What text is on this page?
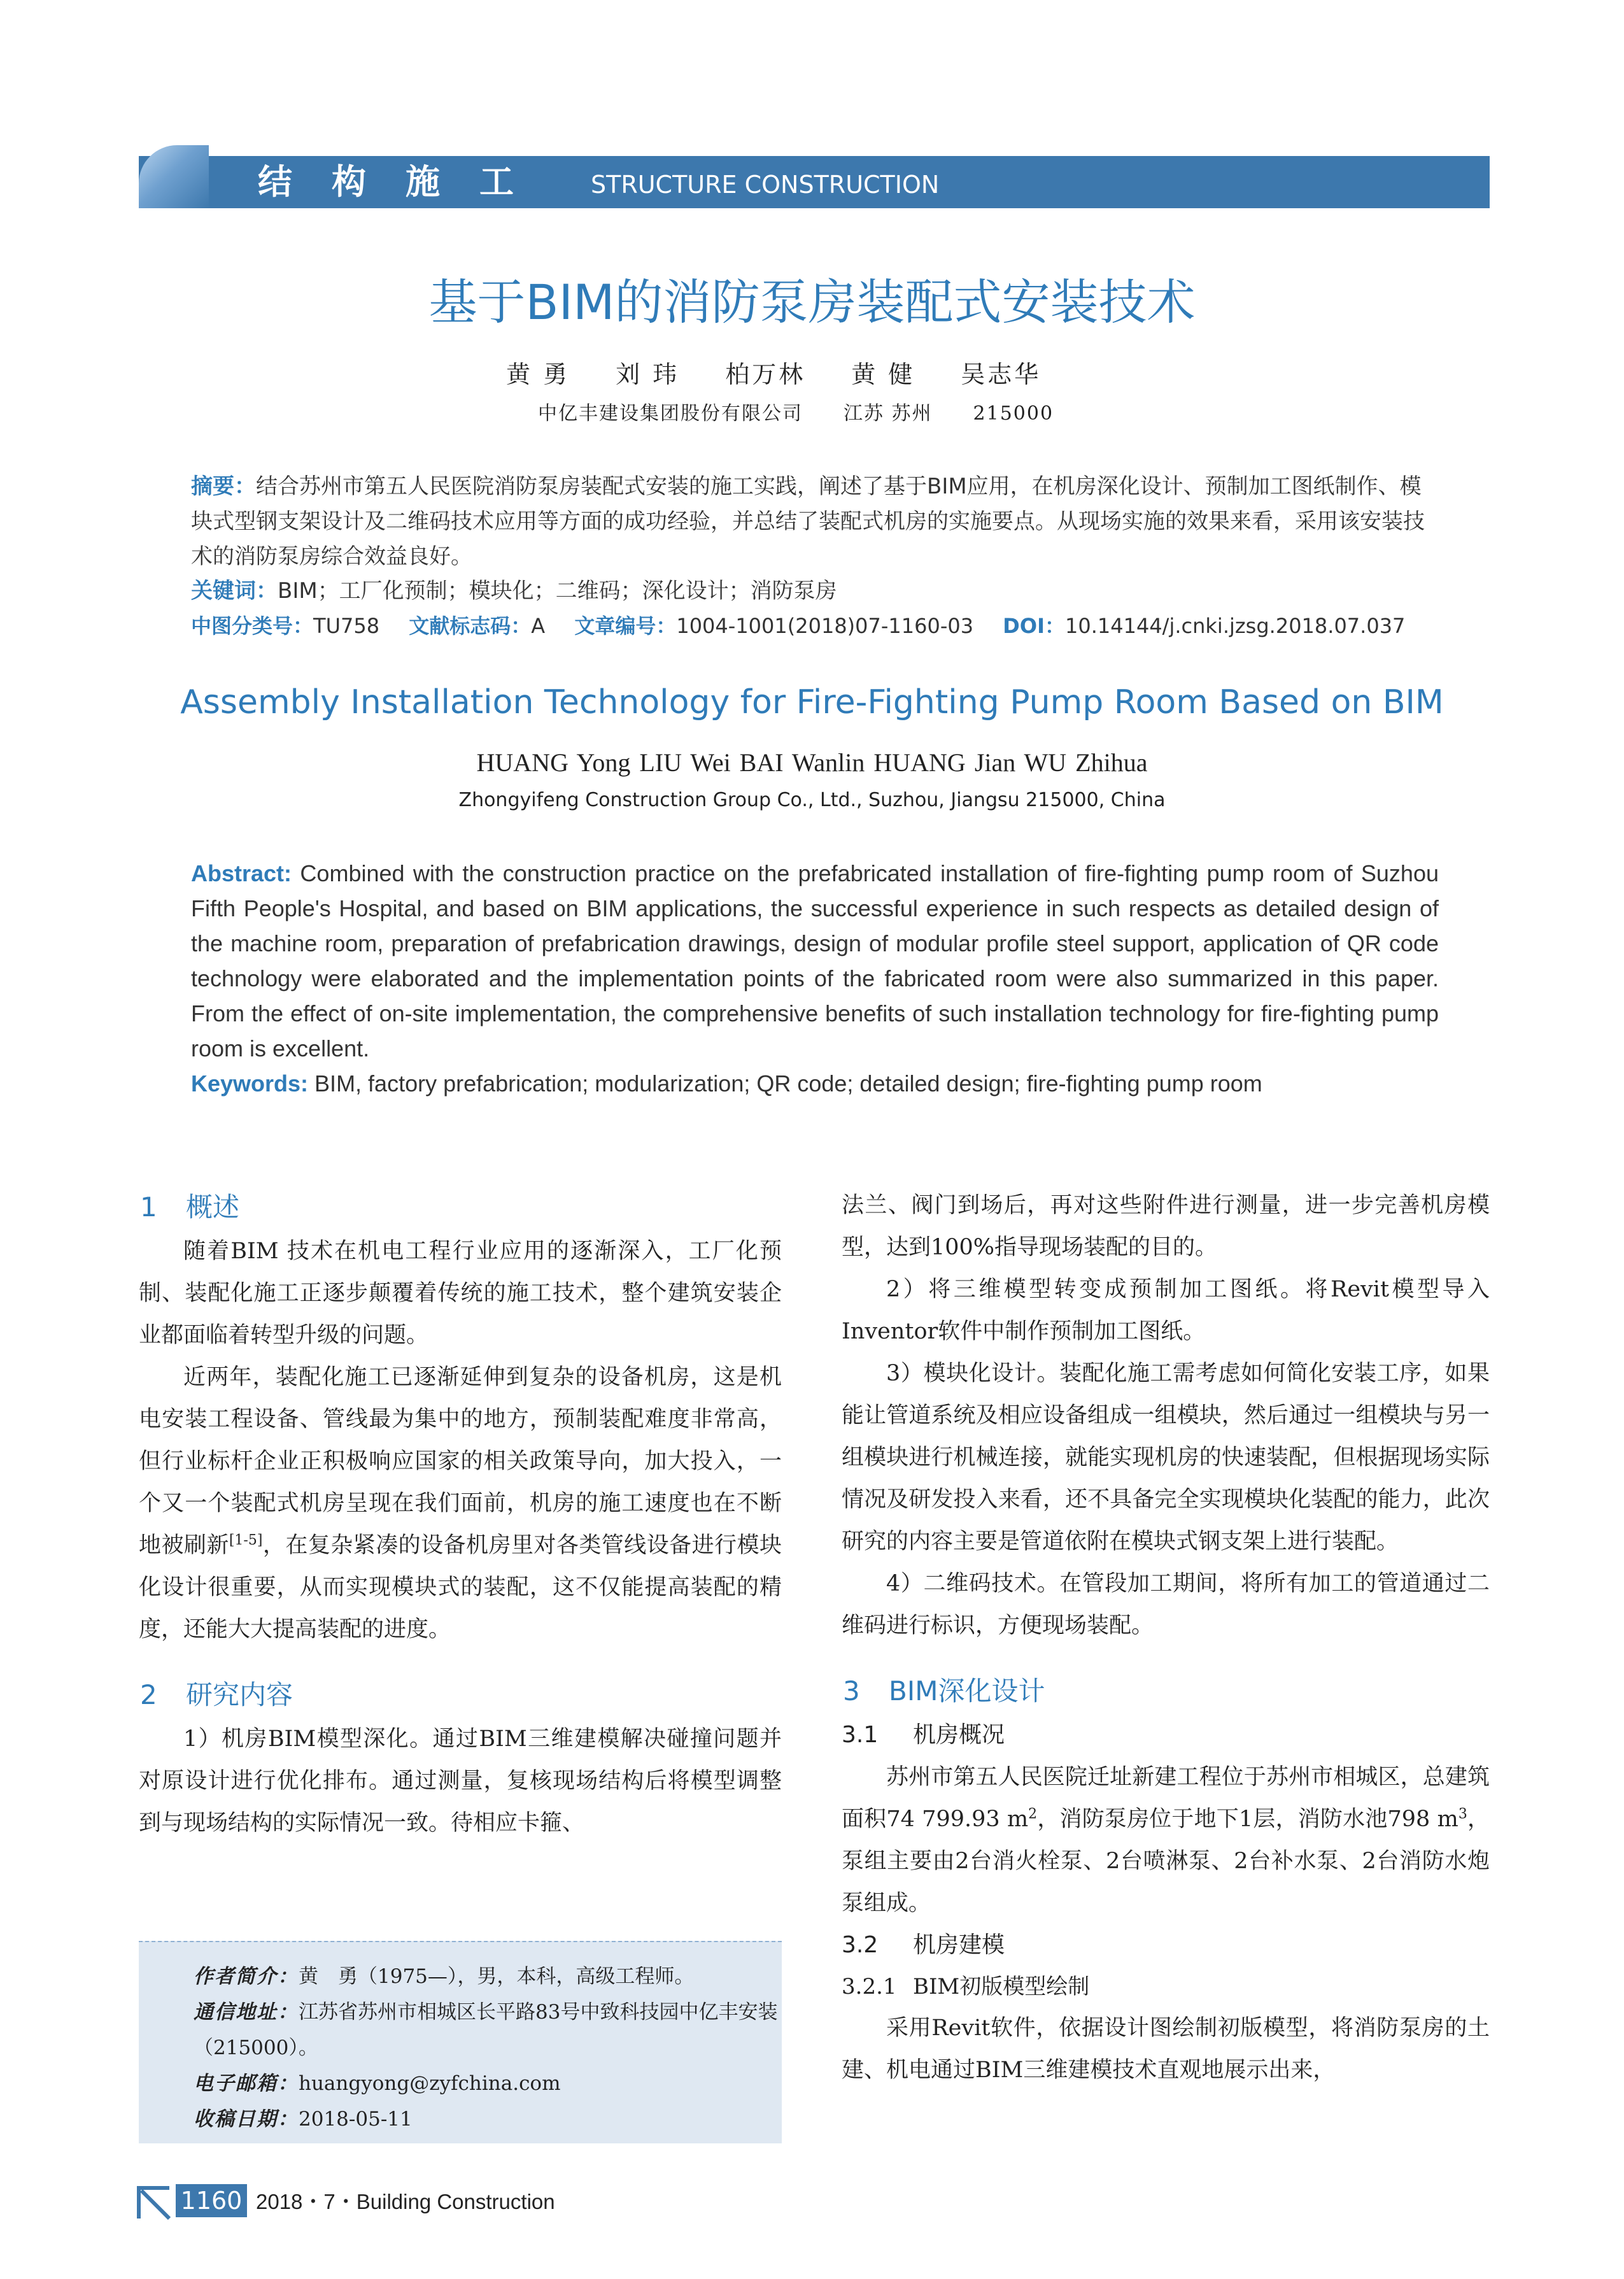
结构施工 STRUCTURE CONSTRUCTION
基于BIM的消防泵房装配式安装技术
黄 勇 刘 玮 柏万林 黄 健 吴志华
中亿丰建设集团股份有限公司　　江苏 苏州　　215000
摘要：结合苏州市第五人民医院消防泵房装配式安装的施工实践，阐述了基于BIM应用，在机房深化设计、预制加工图纸制作、模块式型钢支架设计及二维码技术应用等方面的成功经验，并总结了装配式机房的实施要点。从现场实施的效果来看，采用该安装技术的消防泵房综合效益良好。
关键词：BIM；工厂化预制；模块化；二维码；深化设计；消防泵房
中图分类号：TU758 文献标志码：A 文章编号：1004-1001(2018)07-1160-03 DOI：10.14144/j.cnki.jzsg.2018.07.037
Assembly Installation Technology for Fire-Fighting Pump Room Based on BIM
HUANG Yong LIU Wei BAI Wanlin HUANG Jian WU Zhihua
Zhongyifeng Construction Group Co., Ltd., Suzhou, Jiangsu 215000, China
Abstract: Combined with the construction practice on the prefabricated installation of fire-fighting pump room of Suzhou Fifth People's Hospital, and based on BIM applications, the successful experience in such respects as detailed design of the machine room, preparation of prefabrication drawings, design of modular profile steel support, application of QR code technology were elaborated and the implementation points of the fabricated room were also summarized in this paper. From the effect of on-site implementation, the comprehensive benefits of such installation technology for fire-fighting pump room is excellent.
Keywords: BIM, factory prefabrication; modularization; QR code; detailed design; fire-fighting pump room
1 概述

随着BIM 技术在机电工程行业应用的逐渐深入，工厂化预制、装配化施工正逐步颠覆着传统的施工技术，整个建筑安装企业都面临着转型升级的问题。

近两年，装配化施工已逐渐延伸到复杂的设备机房，这是机电安装工程设备、管线最为集中的地方，预制装配难度非常高，但行业标杆企业正积极响应国家的相关政策导向，加大投入，一个又一个装配式机房呈现在我们面前，机房的施工速度也在不断地被刷新[1-5]，在复杂紧凑的设备机房里对各类管线设备进行模块化设计很重要，从而实现模块式的装配，这不仅能提高装配的精度，还能大大提高装配的进度。

2 研究内容

1）机房BIM模型深化。通过BIM三维建模解决碰撞问题并对原设计进行优化排布。通过测量，复核现场结构后将模型调整到与现场结构的实际情况一致。待相应卡箍、

法兰、阀门到场后，再对这些附件进行测量，进一步完善机房模型，达到100%指导现场装配的目的。

2）将三维模型转变成预制加工图纸。将Revit模型导入Inventor软件中制作预制加工图纸。

3）模块化设计。装配化施工需考虑如何简化安装工序，如果能让管道系统及相应设备组成一组模块，然后通过一组模块与另一组模块进行机械连接，就能实现机房的快速装配，但根据现场实际情况及研发投入来看，还不具备完全实现模块化装配的能力，此次研究的内容主要是管道依附在模块式钢支架上进行装配。

4）二维码技术。在管段加工期间，将所有加工的管道通过二维码进行标识，方便现场装配。

3 BIM深化设计
3.1 机房概况

苏州市第五人民医院迁址新建工程位于苏州市相城区，总建筑面积74 799.93 $m^2$，消防泵房位于地下1层，消防水池798 $m^3$，泵组主要由2台消火栓泵、2台喷淋泵、2台补水泵、2台消防水炮泵组成。

3.2 机房建模
3.2.1 BIM初版模型绘制

采用Revit软件，依据设计图绘制初版模型，将消防泵房的土建、机电通过BIM三维建模技术直观地展示出来，

作者简介：黄　勇（1975—），男，本科，高级工程师。
通信地址：江苏省苏州市相城区长平路83号中致科技园中亿丰安装（215000）。
电子邮箱：huangyong@zyfchina.com
收稿日期：2018-05-11
1160 2018・7・Building Construction
